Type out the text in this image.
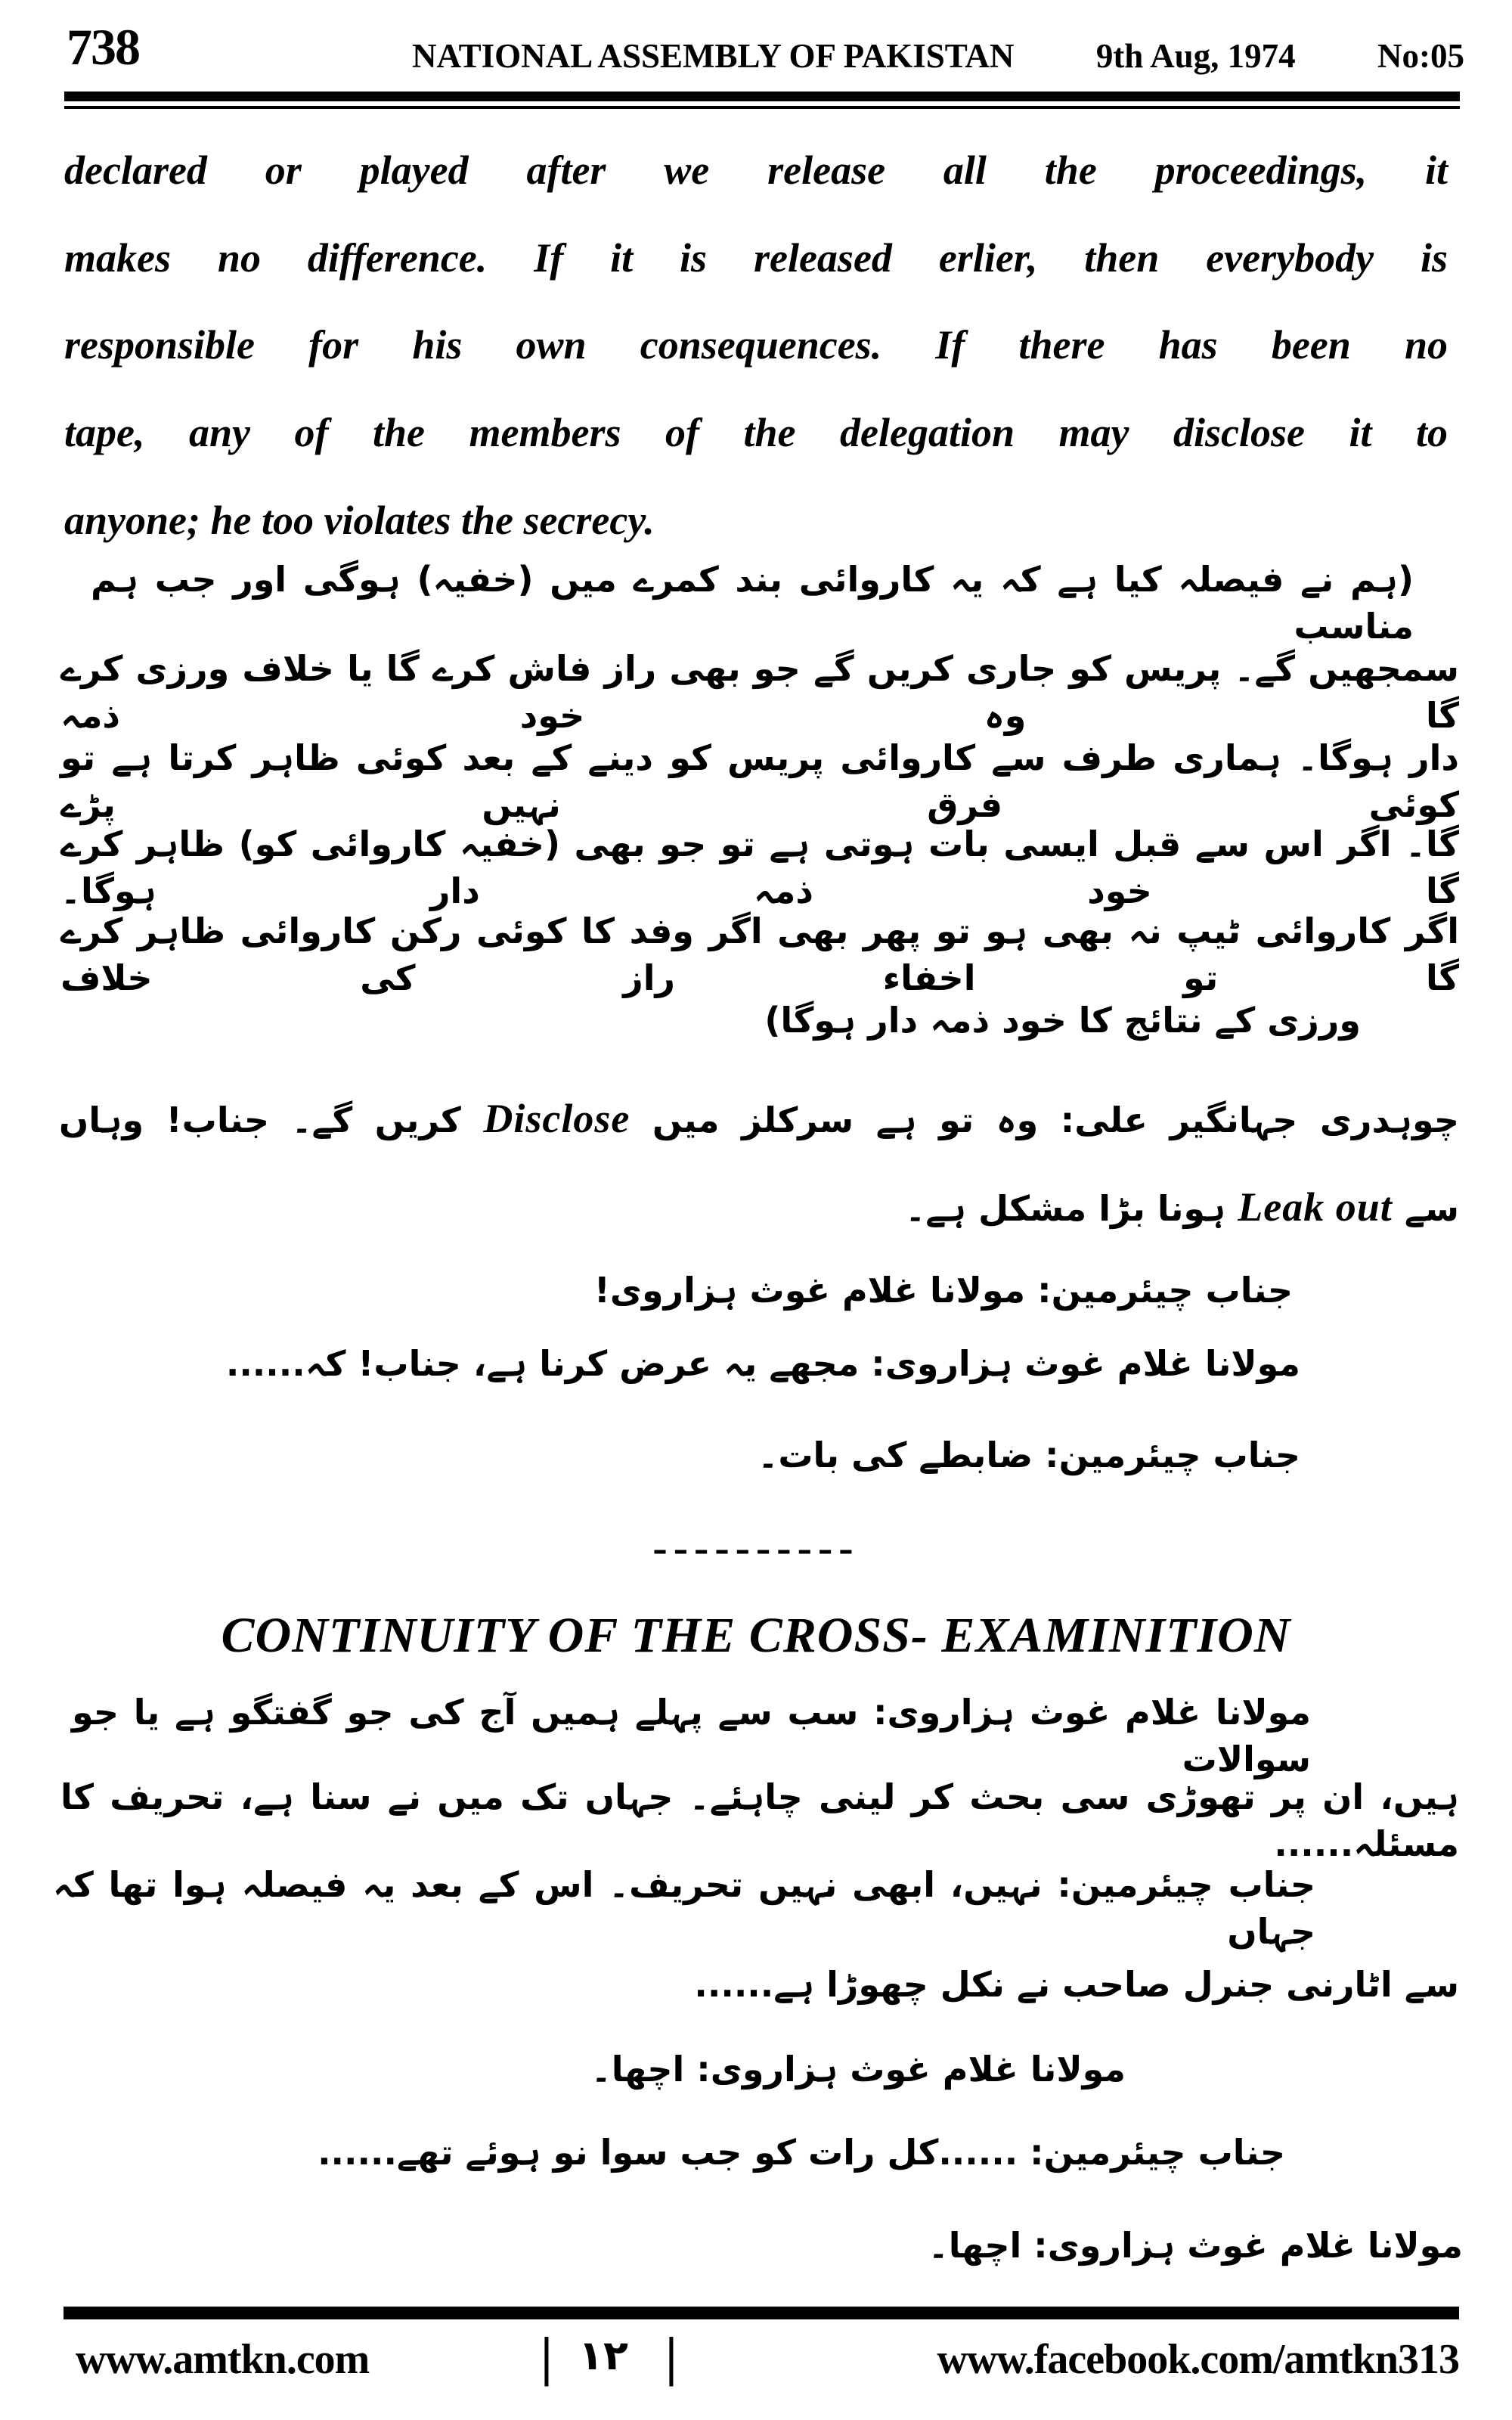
738	NATIONAL ASSEMBLY OF PAKISTAN 9th Aug, 1974 No:05
declared or played after we release all the proceedings, it
makes no difference. If it is released erlier, then everybody is
responsible for his own consequences. If there has been no
tape, any of the members of the delegation may disclose it to
anyone; he too violates the secrecy.
(ہم نے فیصلہ کیا ہے کہ یہ کاروائی بند کمرے میں (خفیہ) ہوگی اور جب ہم مناسب
سمجھیں گے۔ پریس کو جاری کریں گے جو بھی راز فاش کرے گا یا خلاف ورزی کرے گا وہ خود ذمہ
دار ہوگا۔ ہماری طرف سے کاروائی پریس کو دینے کے بعد کوئی ظاہر کرتا ہے تو کوئی فرق نہیں پڑے
گا۔ اگر اس سے قبل ایسی بات ہوتی ہے تو جو بھی (خفیہ کاروائی کو) ظاہر کرے گا خود ذمہ دار ہوگا۔
اگر کاروائی ٹیپ نہ بھی ہو تو پھر بھی اگر وفد کا کوئی رکن کاروائی ظاہر کرے گا تو اخفاء راز کی خلاف
ورزی کے نتائج کا خود ذمہ دار ہوگا)
چوہدری جہانگیر علی: وہ تو ہے سرکلز میں Disclose کریں گے۔ جناب! وہاں
سے Leak out ہونا بڑا مشکل ہے۔
جناب چیئرمین: مولانا غلام غوث ہزاروی!
مولانا غلام غوث ہزاروی: مجھے یہ عرض کرنا ہے، جناب! کہ......
جناب چیئرمین: ضابطے کی بات۔
----------
CONTINUITY OF THE CROSS- EXAMINITION
مولانا غلام غوث ہزاروی: سب سے پہلے ہمیں آج کی جو گفتگو ہے یا جو سوالات
ہیں، ان پر تھوڑی سی بحث کر لینی چاہئے۔ جہاں تک میں نے سنا ہے، تحریف کا مسئلہ......
جناب چیئرمین: نہیں، ابھی نہیں تحریف۔ اس کے بعد یہ فیصلہ ہوا تھا کہ جہاں
سے اٹارنی جنرل صاحب نے نکل چھوڑا ہے......
مولانا غلام غوث ہزاروی: اچھا۔
جناب چیئرمین: ......کل رات کو جب سوا نو ہوئے تھے......
مولانا غلام غوث ہزاروی: اچھا۔
www.amtkn.com	| ۱۲ |	www.facebook.com/amtkn313
